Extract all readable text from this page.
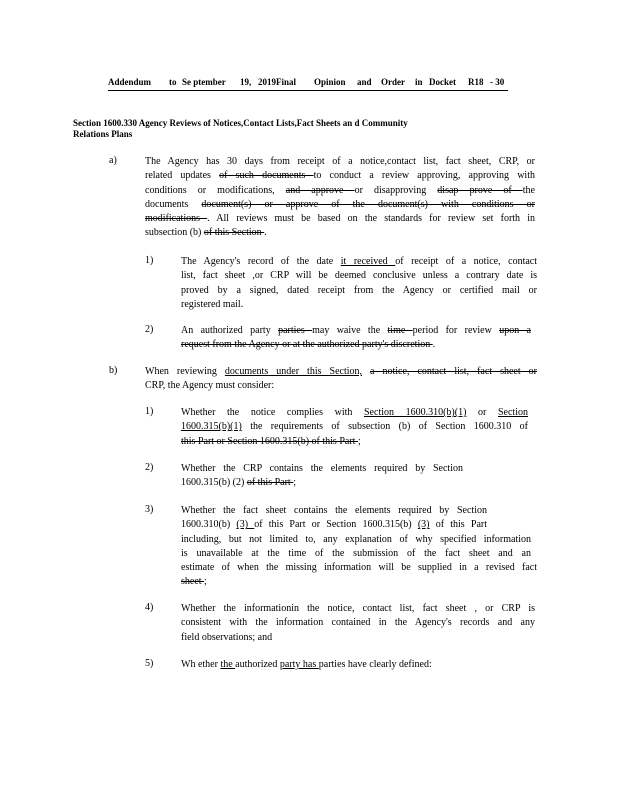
Addendum to Se ptember 19, 2019Final Opinion and Order in Docket R18 - 30
Section 1600.330 Agency Reviews of Notices,Contact Lists,Fact Sheets an d Community
Relations Plans
a)	The Agency has 30 days from receipt of a notice,contact list, fact sheet, CRP, or
related updates of such documents to conduct a review approving, approving with
conditions or modifications, and approve or disapproving disap prove of the
documents document(s) or approve of the document(s) with conditions or
modifications . All reviews must be based on the standards for review set forth in
subsection (b) of this Section .
1)	The Agency's record of the date it received of receipt of a notice, contact
list, fact sheet ,or CRP will be deemed conclusive unless a contrary date is
proved by a signed, dated receipt from the Agency or certified mail or
registered mail.
2)	An authorized party parties may waive the time period for review upon a
request from the Agency or at the authorized party's discretion .
b)	When reviewing documents under this Section, a notice, contact list, fact sheet or
CRP, the Agency must consider:
1)	Whether the notice complies with Section 1600.310(b)(1) or Section
1600.315(b)(1) the requirements of subsection (b) of Section 1600.310 of
this Part or Section 1600.315(b) of this Part ;
2)	Whether the CRP contains the elements required by Section
1600.315(b) (2) of this Part ;
3)	Whether the fact sheet contains the elements required by Section
1600.310(b) (3) of this Part or Section 1600.315(b) (3) of this Part
including, but not limited to, any explanation of why specified information
is unavailable at the time of the submission of the fact sheet and an
estimate of when the missing information will be supplied in a revised fact
sheet ;
4)	Whether the informationin the notice, contact list, fact sheet , or CRP is
consistent with the information contained in the Agency's records and any
field observations; and
5)	Wh ether the authorized party has parties have clearly defined:
